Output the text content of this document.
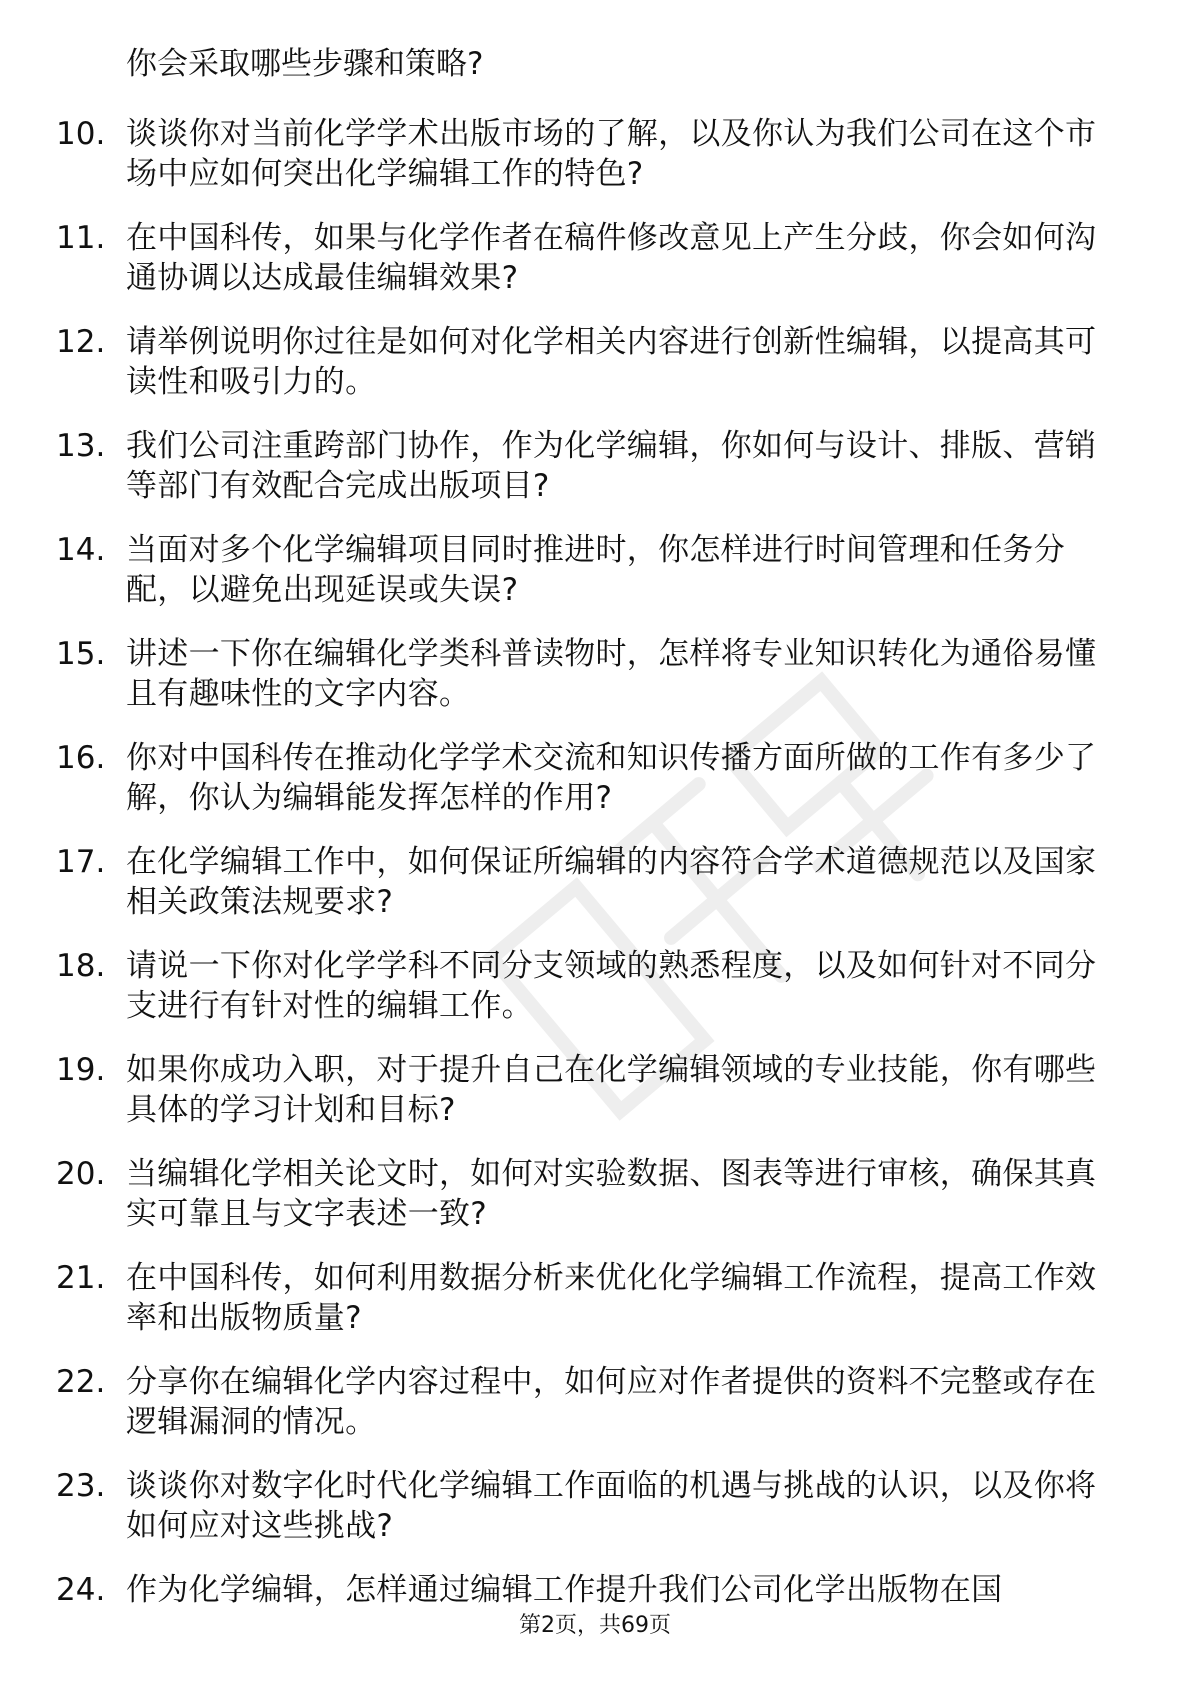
你会采取哪些步骤和策略?
10. 谈谈你对当前化学学术出版市场的了解，以及你认为我们公司在这个市场中应如何突出化学编辑工作的特色?
11. 在中国科传，如果与化学作者在稿件修改意见上产生分歧，你会如何沟通协调以达成最佳编辑效果?
12. 请举例说明你过往是如何对化学相关内容进行创新性编辑，以提高其可读性和吸引力的。
13. 我们公司注重跨部门协作，作为化学编辑，你如何与设计、排版、营销等部门有效配合完成出版项目?
14. 当面对多个化学编辑项目同时推进时，你怎样进行时间管理和任务分配，以避免出现延误或失误?
15. 讲述一下你在编辑化学类科普读物时，怎样将专业知识转化为通俗易懂且有趣味性的文字内容。
16. 你对中国科传在推动化学学术交流和知识传播方面所做的工作有多少了解，你认为编辑能发挥怎样的作用?
17. 在化学编辑工作中，如何保证所编辑的内容符合学术道德规范以及国家相关政策法规要求?
18. 请说一下你对化学学科不同分支领域的熟悉程度，以及如何针对不同分支进行有针对性的编辑工作。
19. 如果你成功入职，对于提升自己在化学编辑领域的专业技能，你有哪些具体的学习计划和目标?
20. 当编辑化学相关论文时，如何对实验数据、图表等进行审核，确保其真实可靠且与文字表述一致?
21. 在中国科传，如何利用数据分析来优化化学编辑工作流程，提高工作效率和出版物质量?
22. 分享你在编辑化学内容过程中，如何应对作者提供的资料不完整或存在逻辑漏洞的情况。
23. 谈谈你对数字化时代化学编辑工作面临的机遇与挑战的认识，以及你将如何应对这些挑战?
24. 作为化学编辑，怎样通过编辑工作提升我们公司化学出版物在国
第2页，共69页
